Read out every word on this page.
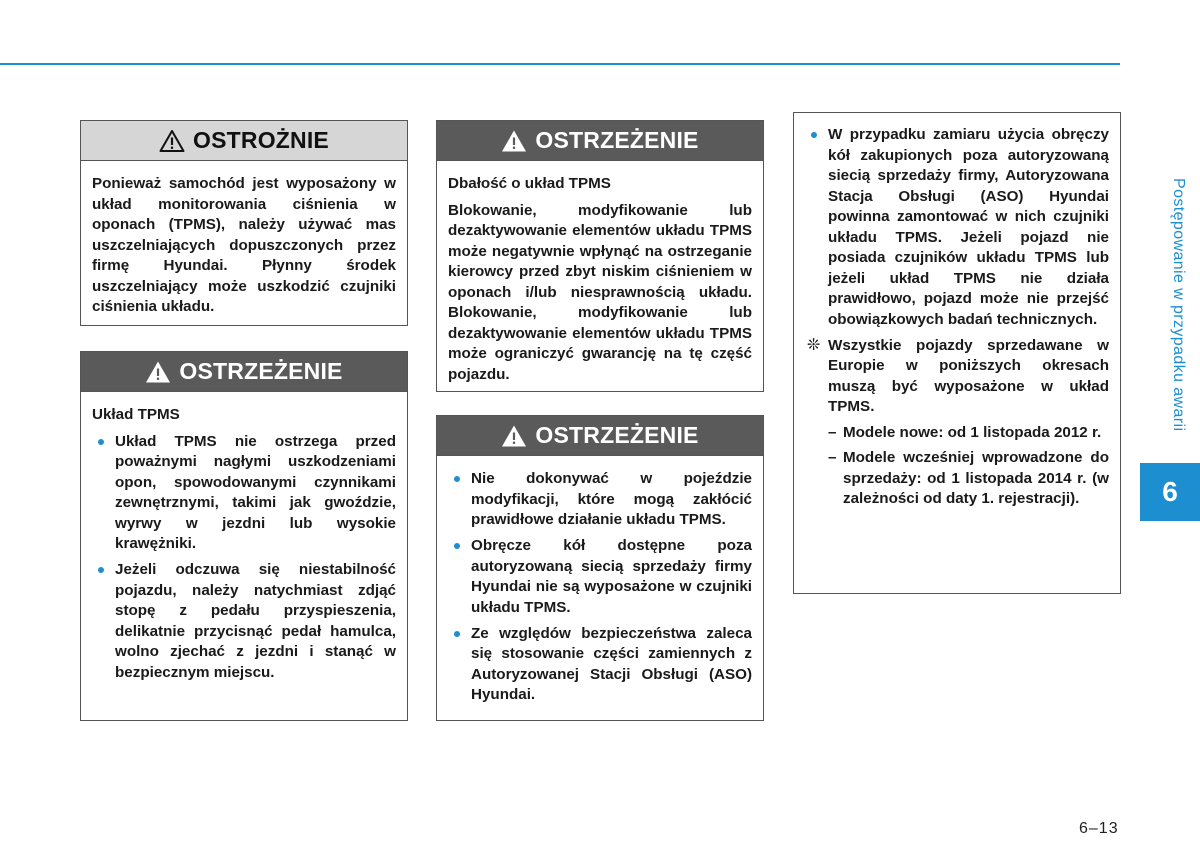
OSTROŻNIE

Ponieważ samochód jest wyposażony w układ monitorowania ciśnienia w oponach (TPMS), należy używać mas uszczelniających dopuszczonych przez firmę Hyundai. Płynny środek uszczelniający może uszkodzić czujniki ciśnienia układu.

OSTRZEŻENIE

Układ TPMS

Układ TPMS nie ostrzega przed poważnymi nagłymi uszkodzeniami opon, spowodowanymi czynnikami zewnętrznymi, takimi jak gwoździe, wyrwy w jezdni lub wysokie krawężniki.
Jeżeli odczuwa się niestabilność pojazdu, należy natychmiast zdjąć stopę z pedału przyspieszenia, delikatnie przycisnąć pedał hamulca, wolno zjechać z jezdni i stanąć w bezpiecznym miejscu.
OSTRZEŻENIE

Dbałość o układ TPMS

Blokowanie, modyfikowanie lub dezaktywowanie elementów układu TPMS może negatywnie wpłynąć na ostrzeganie kierowcy przed zbyt niskim ciśnieniem w oponach i/lub niesprawnością układu. Blokowanie, modyfikowanie lub dezaktywowanie elementów układu TPMS może ograniczyć gwarancję na tę część pojazdu.

OSTRZEŻENIE
Nie dokonywać w pojeździe modyfikacji, które mogą zakłócić prawidłowe działanie układu TPMS.
Obręcze kół dostępne poza autoryzowaną siecią sprzedaży firmy Hyundai nie są wyposażone w czujniki układu TPMS.
Ze względów bezpieczeństwa zaleca się stosowanie części zamiennych z Autoryzowanej Stacji Obsługi (ASO) Hyundai.
W przypadku zamiaru użycia obręczy kół zakupionych poza autoryzowaną siecią sprzedaży firmy, Autoryzowana Stacja Obsługi (ASO) Hyundai powinna zamontować w nich czujniki układu TPMS. Jeżeli pojazd nie posiada czujników układu TPMS lub jeżeli układ TPMS nie działa prawidłowo, pojazd może nie przejść obowiązkowych badań technicznych.
❊ Wszystkie pojazdy sprzedawane w Europie w poniższych okresach muszą być wyposażone w układ TPMS.
– Modele nowe: od 1 listopada 2012 r.
– Modele wcześniej wprowadzone do sprzedaży: od 1 listopada 2014 r. (w zależności od daty 1. rejestracji).
Postępowanie w przypadku awarii
6
6–13
